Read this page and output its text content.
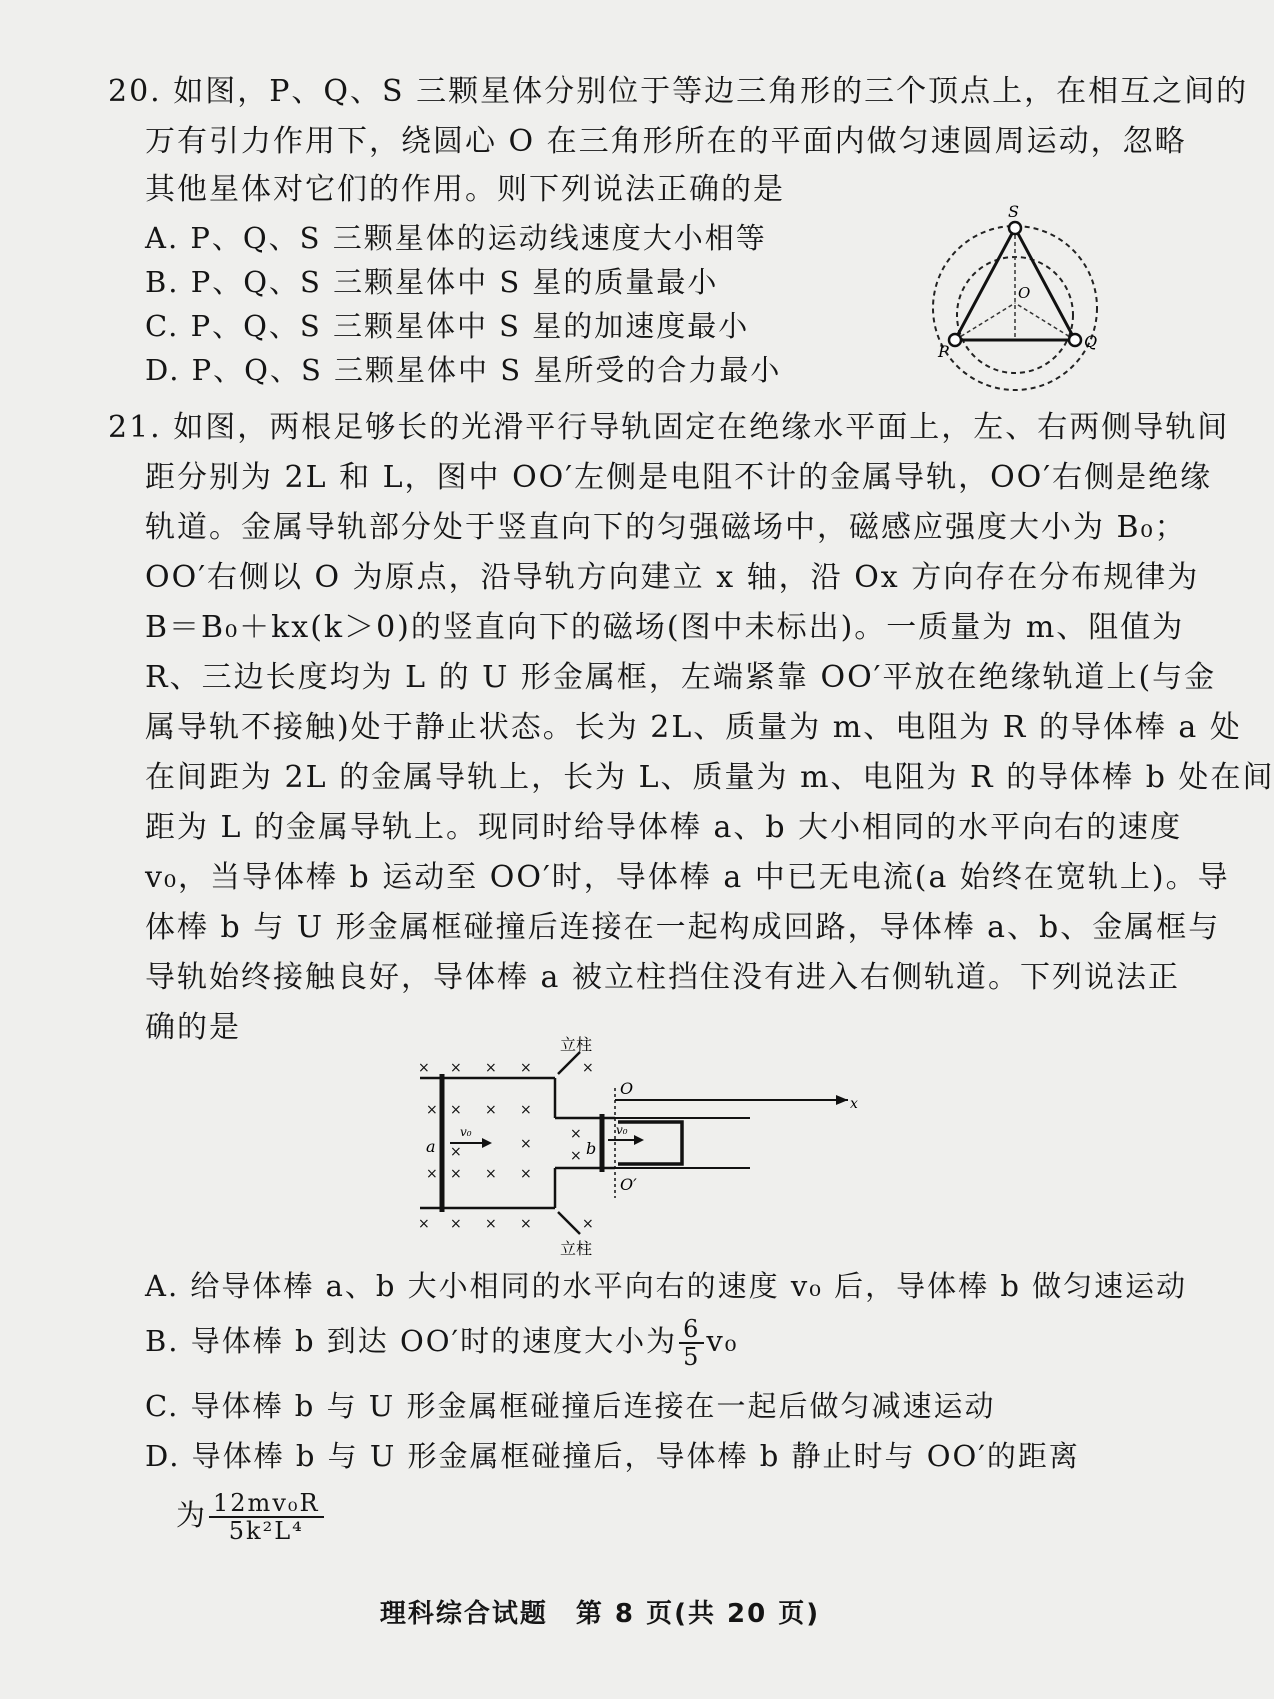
20. 如图，P、Q、S 三颗星体分别位于等边三角形的三个顶点上，在相互之间的
万有引力作用下，绕圆心 O 在三角形所在的平面内做匀速圆周运动，忽略
其他星体对它们的作用。则下列说法正确的是
A. P、Q、S 三颗星体的运动线速度大小相等
B. P、Q、S 三颗星体中 S 星的质量最小
C. P、Q、S 三颗星体中 S 星的加速度最小
D. P、Q、S 三颗星体中 S 星所受的合力最小
S
P
Q
O
21. 如图，两根足够长的光滑平行导轨固定在绝缘水平面上，左、右两侧导轨间
距分别为 2L 和 L，图中 OO′左侧是电阻不计的金属导轨，OO′右侧是绝缘
轨道。金属导轨部分处于竖直向下的匀强磁场中，磁感应强度大小为 B₀；
OO′右侧以 O 为原点，沿导轨方向建立 x 轴，沿 Ox 方向存在分布规律为
B＝B₀＋kx(k＞0)的竖直向下的磁场(图中未标出)。一质量为 m、阻值为
R、三边长度均为 L 的 U 形金属框，左端紧靠 OO′平放在绝缘轨道上(与金
属导轨不接触)处于静止状态。长为 2L、质量为 m、电阻为 R 的导体棒 a 处
在间距为 2L 的金属导轨上，长为 L、质量为 m、电阻为 R 的导体棒 b 处在间
距为 L 的金属导轨上。现同时给导体棒 a、b 大小相同的水平向右的速度
v₀，当导体棒 b 运动至 OO′时，导体棒 a 中已无电流(a 始终在宽轨上)。导
体棒 b 与 U 形金属框碰撞后连接在一起构成回路，导体棒 a、b、金属框与
导轨始终接触良好，导体棒 a 被立柱挡住没有进入右侧轨道。下列说法正
确的是
× × × ×	×
× × × ×
× × × ×
×	×
× × × ×	×
×
×
立柱
立柱
O
O′
x
a	b
v₀	v₀
A. 给导体棒 a、b 大小相同的水平向右的速度 v₀ 后，导体棒 b 做匀速运动
B. 导体棒 b 到达 OO′时的速度大小为 $\frac{6}{5} v_0$
C. 导体棒 b 与 U 形金属框碰撞后连接在一起后做匀减速运动
D. 导体棒 b 与 U 形金属框碰撞后，导体棒 b 静止时与 OO′的距离
为 $\frac{\text{12mv₀R}}{\text{5k²L⁴}}$
理科综合试题　第 8 页(共 20 页)
